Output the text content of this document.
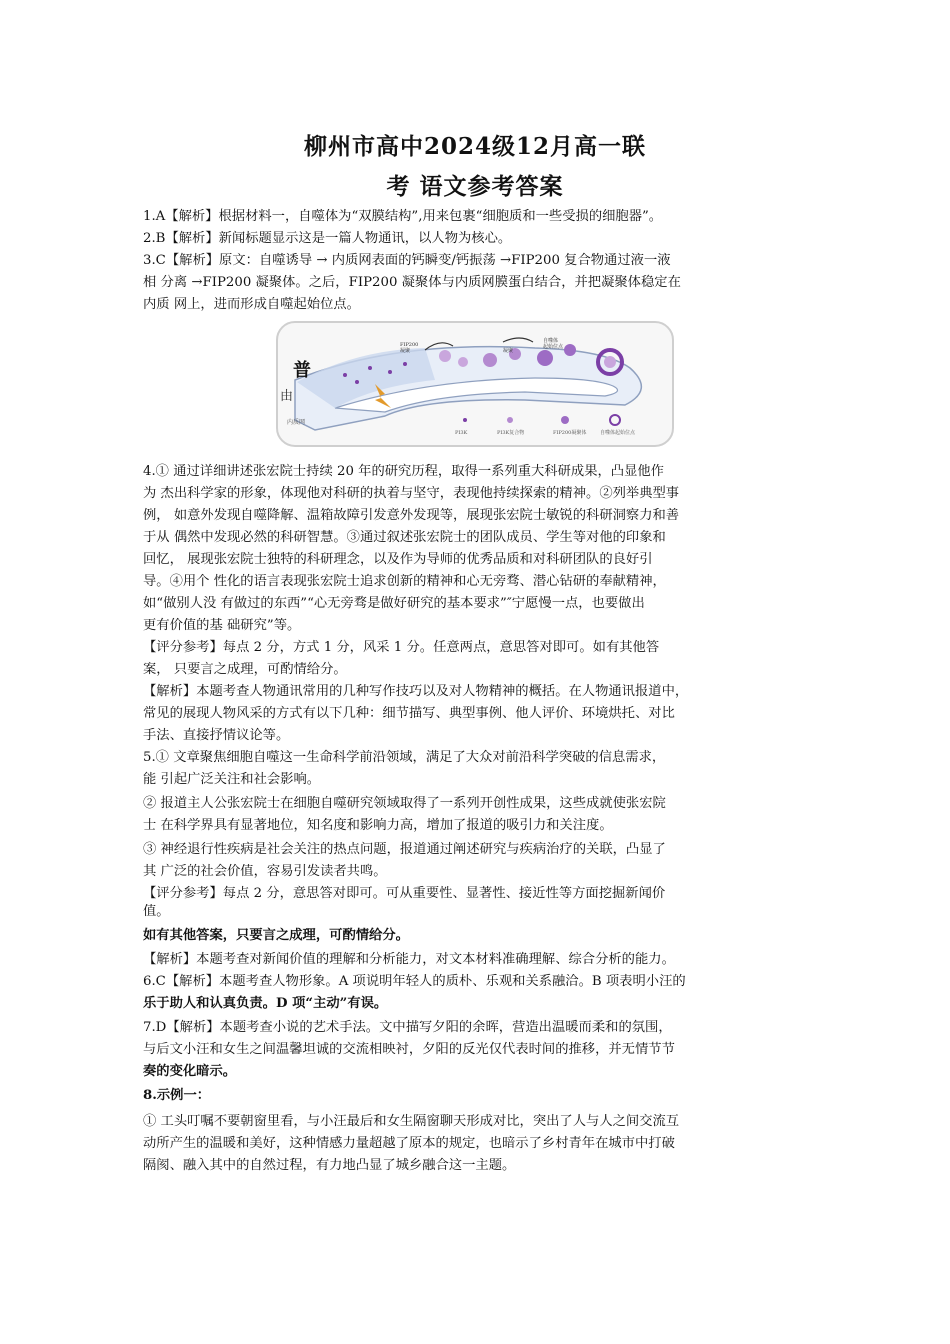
柳州市高中2024级12月高一联
考 语文参考答案
1.A【解析】根据材料一，自噬体为“双膜结构”,用来包裹“细胞质和一些受损的细胞器”。
2.B【解析】新闻标题显示这是一篇人物通讯，以人物为核心。
3.C【解析】原文：自噬诱导 → 内质网表面的钙瞬变/钙振荡 →FIP200 复合物通过液一液
相 分离 →FIP200 凝聚体。之后，FIP200 凝聚体与内质网膜蛋白结合，并把凝聚体稳定在
内质 网上，进而形成自噬起始位点。
FIP200
凝聚	凝聚
自噬体
起始位点
内质网
普
由
PI3K	PI3K复合物	FIP200凝聚体	自噬体起始位点
4.① 通过详细讲述张宏院士持续 20 年的研究历程，取得一系列重大科研成果，凸显他作
为 杰出科学家的形象，体现他对科研的执着与坚守，表现他持续探索的精神。②列举典型事
例， 如意外发现自噬降解、温箱故障引发意外发现等，展现张宏院士敏锐的科研洞察力和善
于从 偶然中发现必然的科研智慧。③通过叙述张宏院士的团队成员、学生等对他的印象和
回忆， 展现张宏院士独特的科研理念，以及作为导师的优秀品质和对科研团队的良好引
导。④用个 性化的语言表现张宏院士追求创新的精神和心无旁骛、潜心钻研的奉献精神，
如“做别人没 有做过的东西”“心无旁骛是做好研究的基本要求”″宁愿慢一点，也要做出
更有价值的基 础研究”等。
【评分参考】每点 2 分，方式 1 分，风采 1 分。任意两点，意思答对即可。如有其他答
案， 只要言之成理，可酌情给分。
【解析】本题考查人物通讯常用的几种写作技巧以及对人物精神的概括。在人物通讯报道中，
常见的展现人物风采的方式有以下几种：细节描写、典型事例、他人评价、环境烘托、对比
手法、直接抒情议论等。
5.① 文章聚焦细胞自噬这一生命科学前沿领域，满足了大众对前沿科学突破的信息需求，
能 引起广泛关注和社会影响。
② 报道主人公张宏院士在细胞自噬研究领域取得了一系列开创性成果，这些成就使张宏院
士 在科学界具有显著地位，知名度和影响力高，增加了报道的吸引力和关注度。
③ 神经退行性疾病是社会关注的热点问题，报道通过阐述研究与疾病治疗的关联，凸显了
其 广泛的社会价值，容易引发读者共鸣。
【评分参考】每点 2 分，意思答对即可。可从重要性、显著性、接近性等方面挖掘新闻价
值。
如有其他答案，只要言之成理，可酌情给分。
【解析】本题考查对新闻价值的理解和分析能力，对文本材料准确理解、综合分析的能力。
6.C【解析】本题考查人物形象。A 项说明年轻人的质朴、乐观和关系融洽。B 项表明小汪的
乐于助人和认真负责。D 项“主动”有误。
7.D【解析】本题考查小说的艺术手法。文中描写夕阳的余晖，营造出温暖而柔和的氛围，
与后文小汪和女生之间温馨坦诚的交流相映衬，夕阳的反光仅代表时间的推移，并无情节节
奏的变化暗示。
8.示例一：
① 工头叮嘱不要朝窗里看，与小汪最后和女生隔窗聊天形成对比，突出了人与人之间交流互
动所产生的温暖和美好，这种情感力量超越了原本的规定，也暗示了乡村青年在城市中打破
隔阂、融入其中的自然过程，有力地凸显了城乡融合这一主题。
